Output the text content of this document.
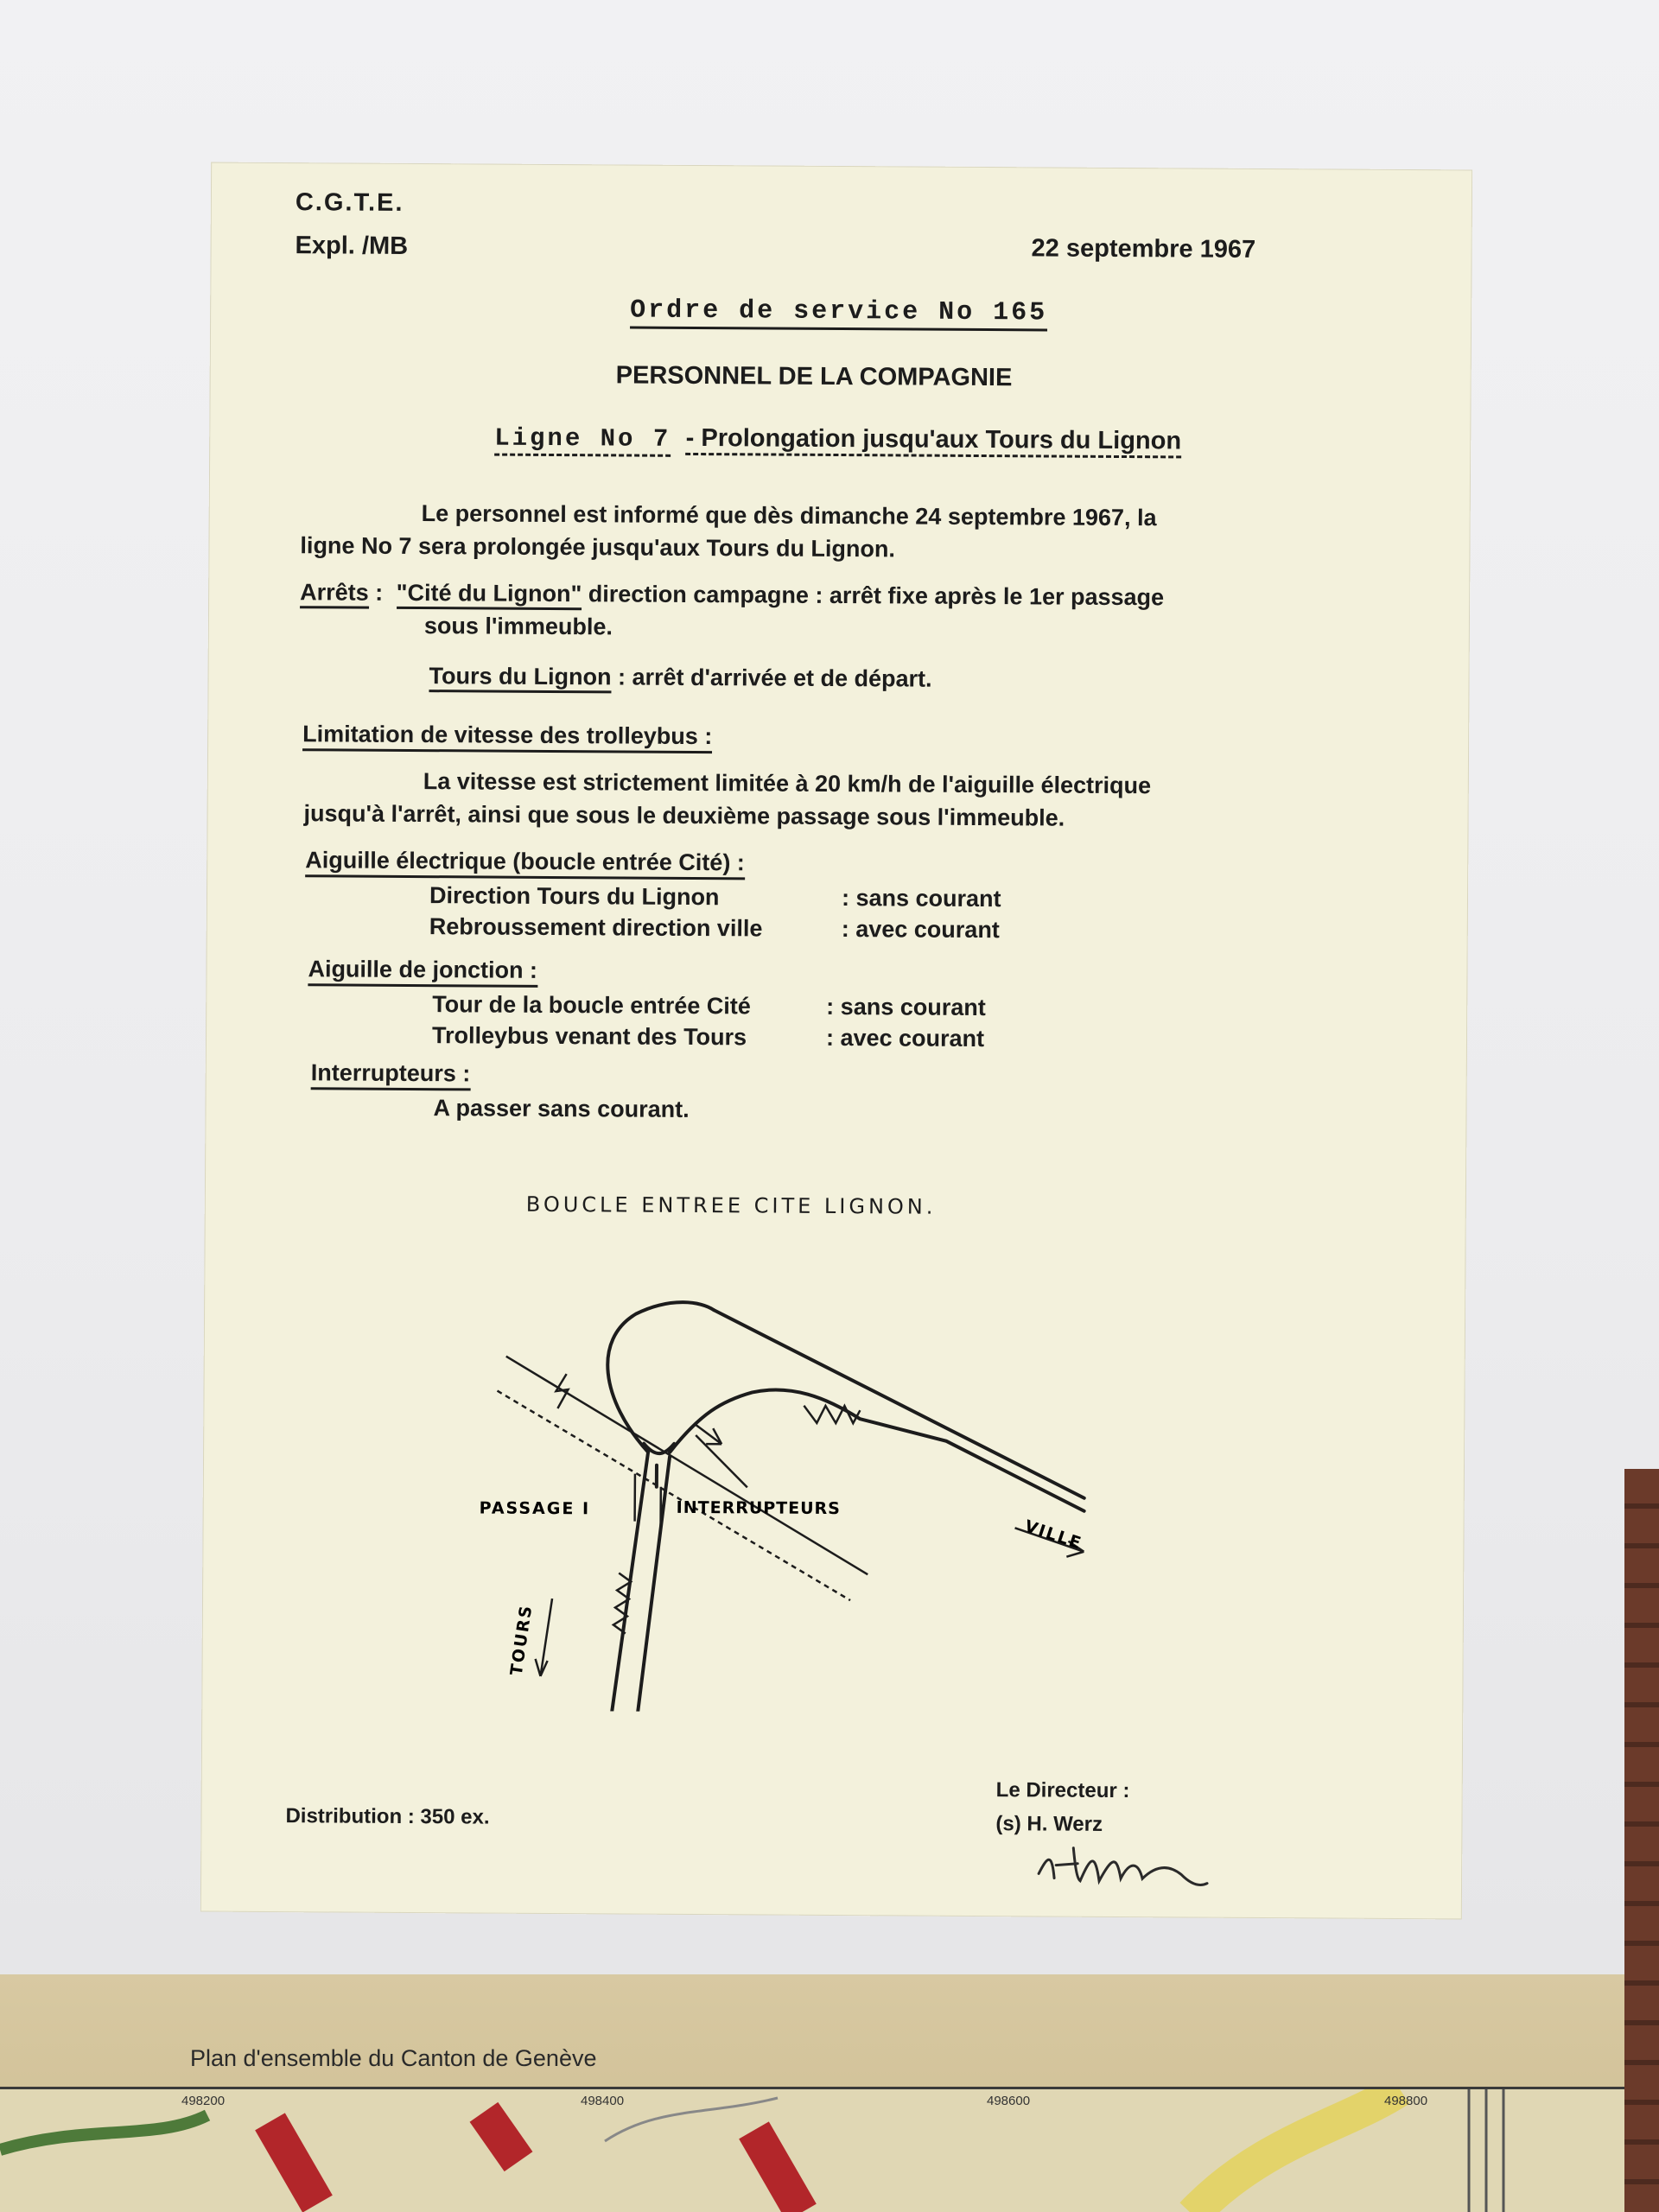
C.G.T.E.
Expl. /MB	22 septembre 1967
Ordre de service No 165
PERSONNEL DE LA COMPAGNIE
Ligne No 7 - Prolongation jusqu'aux Tours du Lignon
Le personnel est informé que dès dimanche 24 septembre 1967, la
ligne No 7 sera prolongée jusqu'aux Tours du Lignon.
Arrêts : "Cité du Lignon" direction campagne : arrêt fixe après le 1er passage
sous l'immeuble.
Tours du Lignon : arrêt d'arrivée et de départ.
Limitation de vitesse des trolleybus :
La vitesse est strictement limitée à 20 km/h de l'aiguille électrique
jusqu'à l'arrêt, ainsi que sous le deuxième passage sous l'immeuble.
Aiguille électrique (boucle entrée Cité) :
Direction Tours du Lignon	: sans courant
Rebroussement direction ville	: avec courant
Aiguille de jonction :
Tour de la boucle entrée Cité	: sans courant
Trolleybus venant des Tours	: avec courant
Interrupteurs :
A passer sans courant.
BOUCLE ENTREE CITE LIGNON.
PASSAGE I	INTERRUPTEURS
VILLE
TOURS
Distribution : 350 ex.
Le Directeur :
(s) H. Werz
Plan d'ensemble du Canton de Genève
498200	498400	498600	498800
